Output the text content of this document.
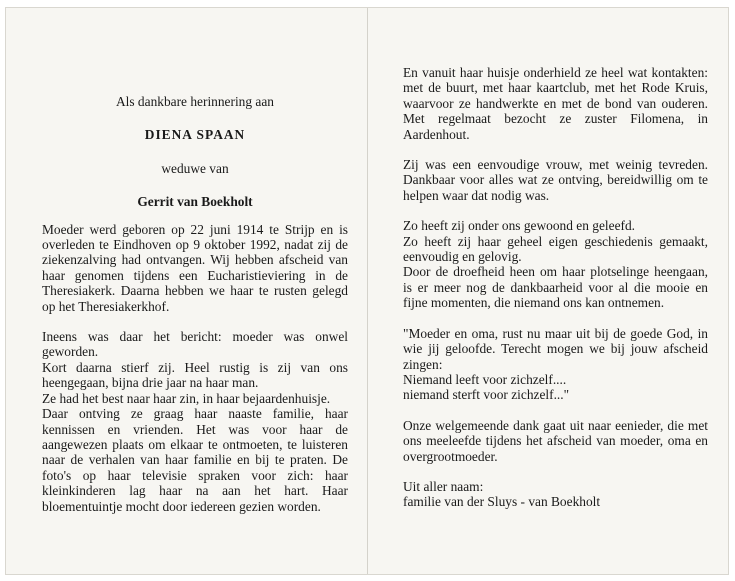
Als dankbare herinnering aan
DIENA SPAAN
weduwe van
Gerrit van Boekholt

Moeder werd geboren op 22 juni 1914 te Strijp en is overleden te Eindhoven op 9 oktober 1992, nadat zij de ziekenzalving had ontvangen. Wij hebben afscheid van haar genomen tijdens een Eucharistieviering in de Theresiakerk. Daarna hebben we haar te rusten gelegd op het Theresiakerkhof.

Ineens was daar het bericht: moeder was onwel geworden.

Kort daarna stierf zij. Heel rustig is zij van ons heengegaan, bijna drie jaar na haar man.

Ze had het best naar haar zin, in haar bejaardenhuisje.

Daar ontving ze graag haar naaste familie, haar kennissen en vrienden. Het was voor haar de aangewezen plaats om elkaar te ontmoeten, te luisteren naar de verhalen van haar familie en bij te praten. De foto's op haar televisie spraken voor zich: haar kleinkinderen lag haar na aan het hart. Haar bloementuintje mocht door iedereen gezien worden.

En vanuit haar huisje onderhield ze heel wat kontakten: met de buurt, met haar kaartclub, met het Rode Kruis, waarvoor ze handwerkte en met de bond van ouderen. Met regelmaat bezocht ze zuster Filomena, in Aardenhout.

Zij was een eenvoudige vrouw, met weinig tevreden. Dankbaar voor alles wat ze ontving, bereidwillig om te helpen waar dat nodig was.

Zo heeft zij onder ons gewoond en geleefd.

Zo heeft zij haar geheel eigen geschiedenis gemaakt, eenvoudig en gelovig.

Door de droefheid heen om haar plotselinge heengaan, is er meer nog de dankbaarheid voor al die mooie en fijne momenten, die niemand ons kan ontnemen.

"Moeder en oma, rust nu maar uit bij de goede God, in wie jij geloofde. Terecht mogen we bij jouw afscheid zingen:

Niemand leeft voor zichzelf....
niemand sterft voor zichzelf..."

Onze welgemeende dank gaat uit naar eenieder, die met ons meeleefde tijdens het afscheid van moeder, oma en overgrootmoeder.

Uit aller naam:
familie van der Sluys - van Boekholt
